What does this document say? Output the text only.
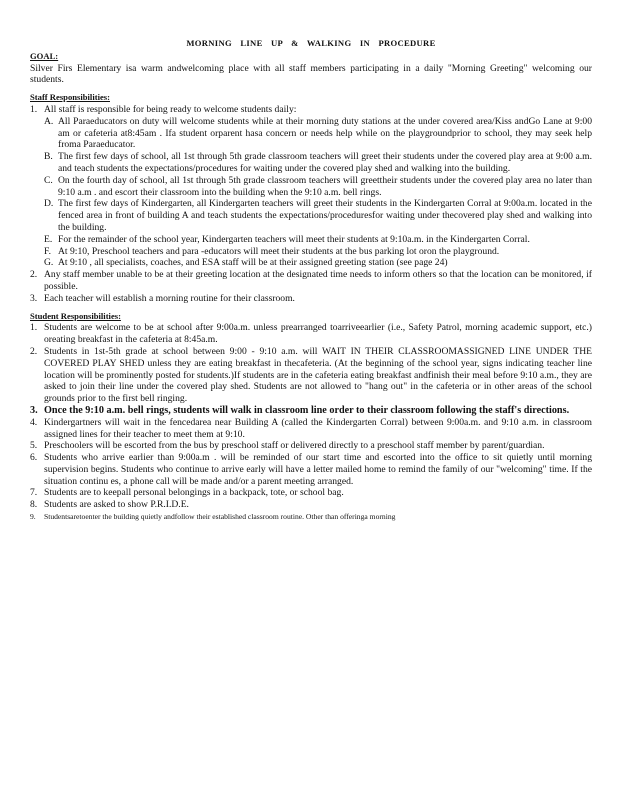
MORNING LINE UP & WALKING IN PROCEDURE
GOAL:
Silver Firs Elementary isa warm andwelcoming place with all staff members participating in a daily "Morning Greeting" welcoming our students.
Staff Responsibilities:
1. All staff is responsible for being ready to welcome students daily:
A. All Paraeducators on duty will welcome students while at their morning duty stations at the under covered area/Kiss andGo Lane at 9:00 am or cafeteria at8:45am . Ifa student orparent hasa concern or needs help while on the playgroundprior to school, they may seek help froma Paraeducator.
B. The first few days of school, all 1st through 5th grade classroom teachers will greet their students under the covered play area at 9:00 a.m. and teach students the expectations/procedures for waiting under the covered play shed and walking into the building.
C. On the fourth day of school, all 1st through 5th grade classroom teachers will greettheir students under the covered play area no later than 9:10 a.m . and escort their classroom into the building when the 9:10 a.m. bell rings.
D. The first few days of Kindergarten, all Kindergarten teachers will greet their students in the Kindergarten Corral at 9:00a.m. located in the fenced area in front of building A and teach students the expectations/proceduresfor waiting under thecovered play shed and walking into the building.
E. For the remainder of the school year, Kindergarten teachers will meet their students at 9:10a.m. in the Kindergarten Corral.
F. At 9:10, Preschool teachers and para -educators will meet their students at the bus parking lot oron the playground.
G. At 9:10 , all specialists, coaches, and ESA staff will be at their assigned greeting station (see page 24)
2. Any staff member unable to be at their greeting location at the designated time needs to inform others so that the location can be monitored, if possible.
3. Each teacher will establish a morning routine for their classroom.
Student Responsibilities:
1. Students are welcome to be at school after 9:00a.m. unless prearranged toarriveearlier (i.e., Safety Patrol, morning academic support, etc.) oreating breakfast in the cafeteria at 8:45a.m.
2. Students in 1st-5th grade at school between 9:00 - 9:10 a.m. will WAIT IN THEIR CLASSROOMASSIGNED LINE UNDER THE COVERED PLAY SHED unless they are eating breakfast in thecafeteria. (At the beginning of the school year, signs indicating teacher line location will be prominently posted for students.)If students are in the cafeteria eating breakfast andfinish their meal before 9:10 a.m., they are asked to join their line under the covered play shed. Students are not allowed to "hang out" in the cafeteria or in other areas of the school grounds prior to the first bell ringing.
3. Once the 9:10 a.m. bell rings, students will walk in classroom line order to their classroom following the staff's directions.
4. Kindergartners will wait in the fencedarea near Building A (called the Kindergarten Corral) between 9:00a.m. and 9:10 a.m. in classroom assigned lines for their teacher to meet them at 9:10.
5. Preschoolers will be escorted from the bus by preschool staff or delivered directly to a preschool staff member by parent/guardian.
6. Students who arrive earlier than 9:00a.m . will be reminded of our start time and escorted into the office to sit quietly until morning supervision begins. Students who continue to arrive early will have a letter mailed home to remind the family of our "welcoming" time. If the situation continu es, a phone call will be made and/or a parent meeting arranged.
7. Students are to keepall personal belongings in a backpack, tote, or school bag.
8. Students are asked to show P.R.I.D.E.
9. Studentsaretoenter the building quietly andfollow their established classroom routine. Other than offeringa morning
